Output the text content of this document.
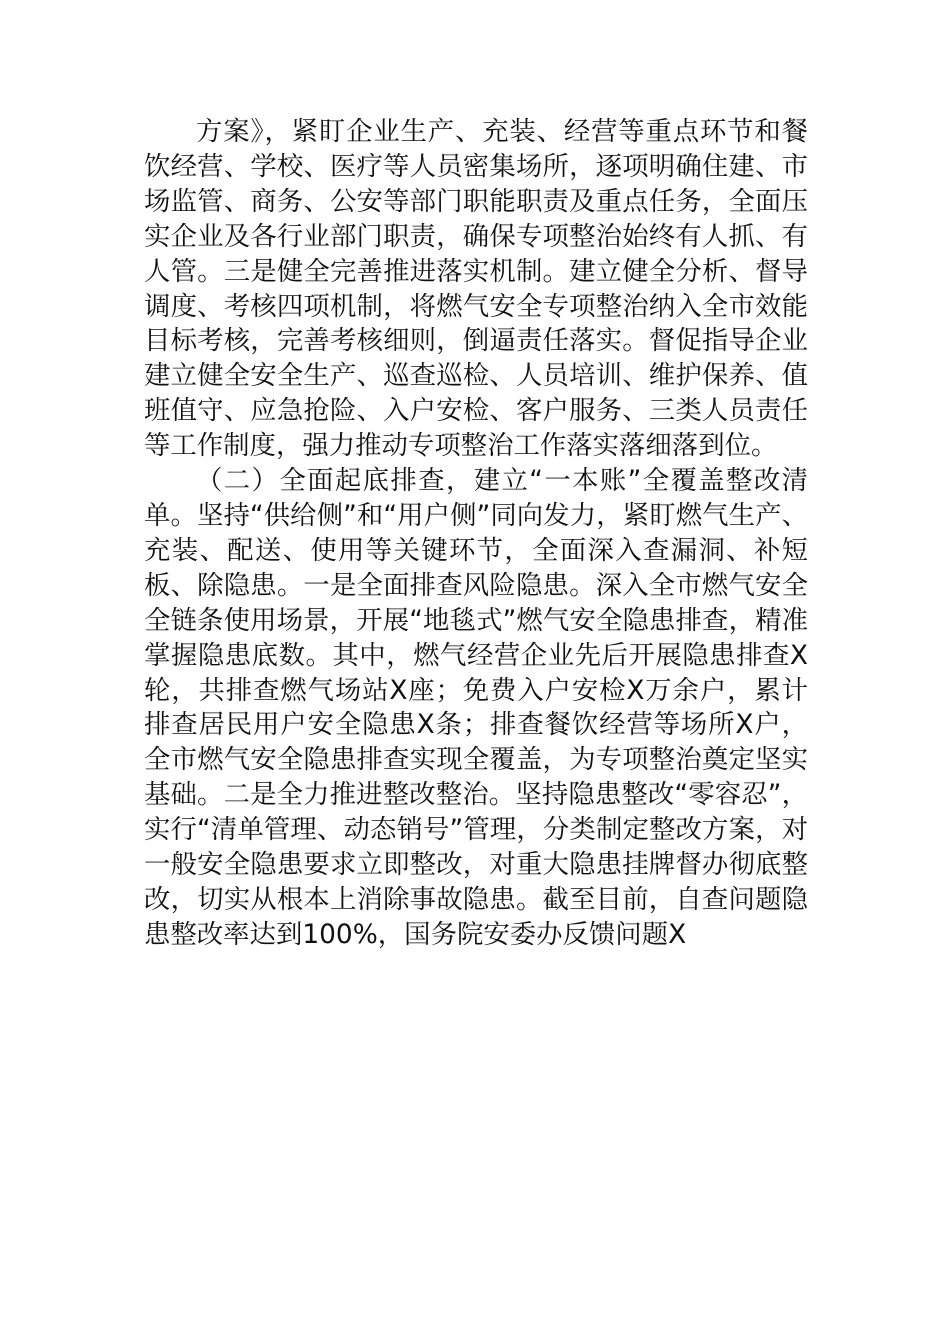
方案》，紧盯企业生产、充装、经营等重点环节和餐饮经营、学校、医疗等人员密集场所，逐项明确住建、市场监管、商务、公安等部门职能职责及重点任务，全面压实企业及各行业部门职责，确保专项整治始终有人抓、有人管。三是健全完善推进落实机制。建立健全分析、督导调度、考核四项机制，将燃气安全专项整治纳入全市效能目标考核，完善考核细则，倒逼责任落实。督促指导企业建立健全安全生产、巡查巡检、人员培训、维护保养、值班值守、应急抢险、入户安检、客户服务、三类人员责任等工作制度，强力推动专项整治工作落实落细落到位。

（二）全面起底排查，建立“一本账”全覆盖整改清单。坚持“供给侧”和“用户侧”同向发力，紧盯燃气生产、充装、配送、使用等关键环节，全面深入查漏洞、补短板、除隐患。一是全面排查风险隐患。深入全市燃气安全全链条使用场景，开展“地毯式”燃气安全隐患排查，精准掌握隐患底数。其中，燃气经营企业先后开展隐患排查X轮，共排查燃气场站X座；免费入户安检X万余户，累计排查居民用户安全隐患X条；排查餐饮经营等场所X户，全市燃气安全隐患排查实现全覆盖，为专项整治奠定坚实基础。二是全力推进整改整治。坚持隐患整改“零容忍”，实行“清单管理、动态销号”管理，分类制定整改方案，对一般安全隐患要求立即整改，对重大隐患挂牌督办彻底整改，切实从根本上消除事故隐患。截至目前，自查问题隐患整改率达到100%，国务院安委办反馈问题X
